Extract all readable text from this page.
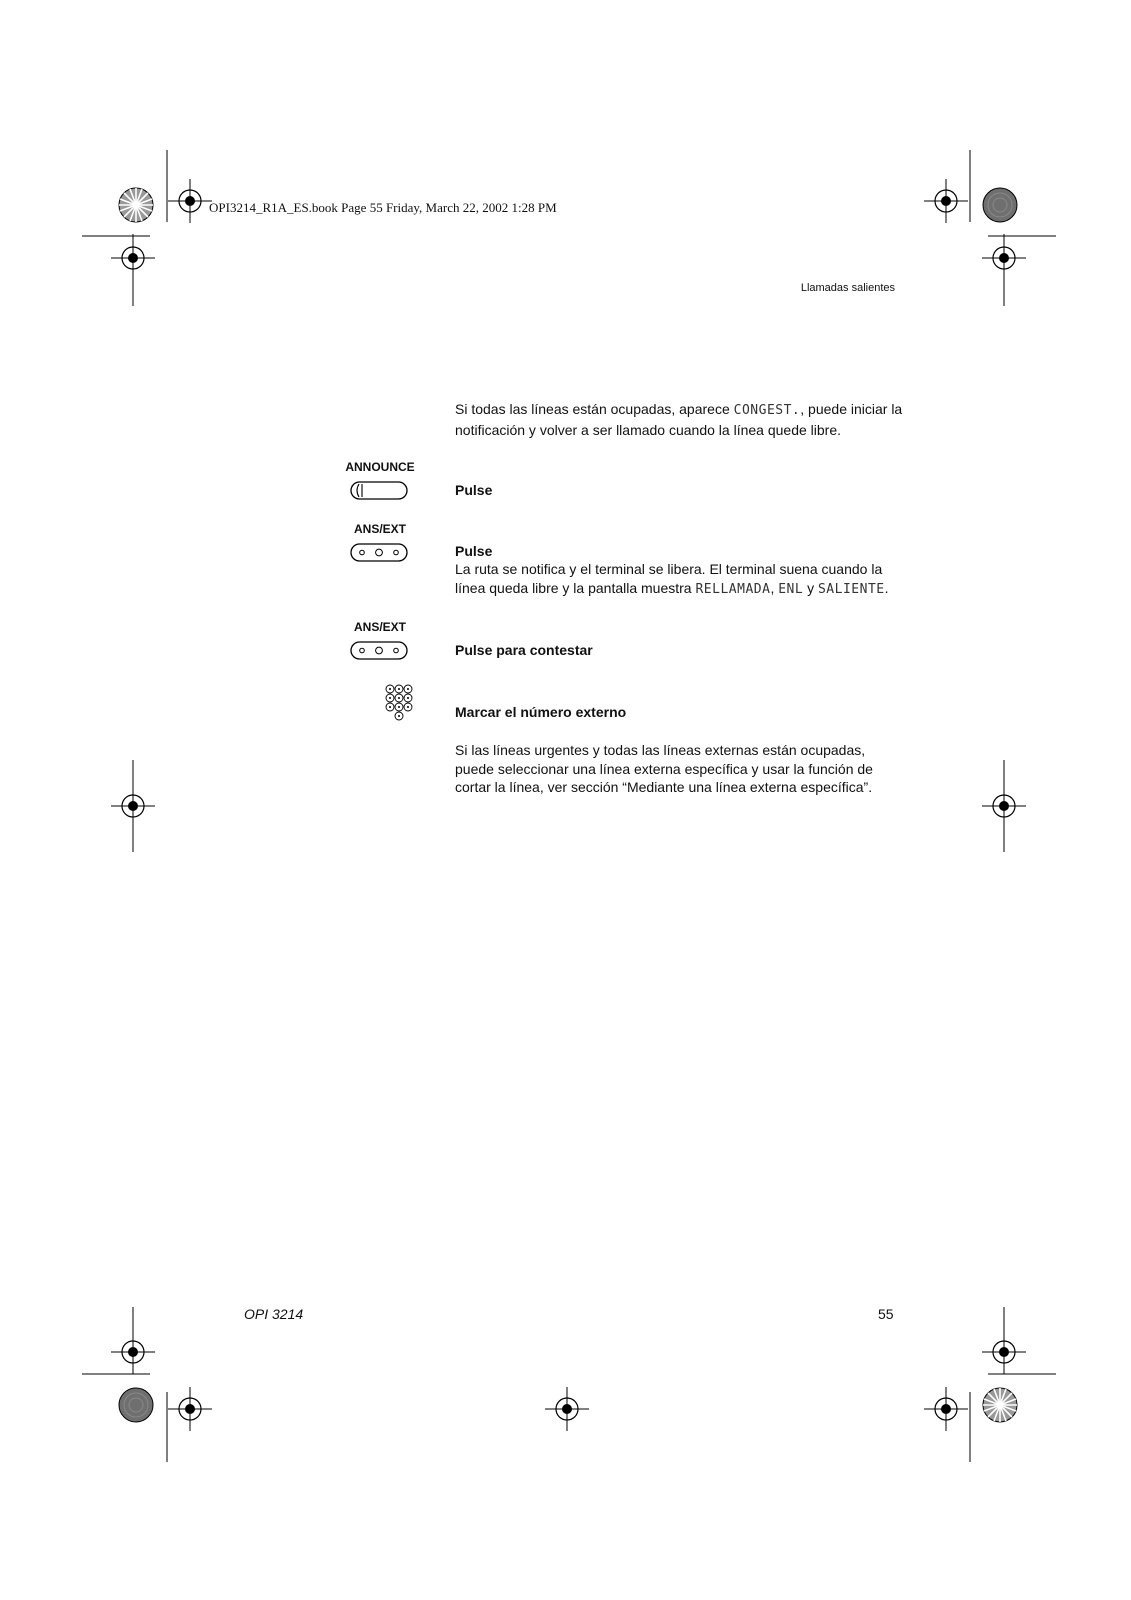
OPI3214_R1A_ES.book Page 55 Friday, March 22, 2002 1:28 PM
Llamadas salientes
Si todas las líneas están ocupadas, aparece CONGEST., puede iniciar la notificación y volver a ser llamado cuando la línea quede libre.
ANNOUNCE
Pulse
ANS/EXT
Pulse
La ruta se notifica y el terminal se libera. El terminal suena cuando la línea queda libre y la pantalla muestra RELLAMADA, ENL y SALIENTE.
ANS/EXT
Pulse para contestar
Marcar el número externo
Si las líneas urgentes y todas las líneas externas están ocupadas, puede seleccionar una línea externa específica y usar la función de cortar la línea, ver sección “Mediante una línea externa específica”.
OPI 3214	55
